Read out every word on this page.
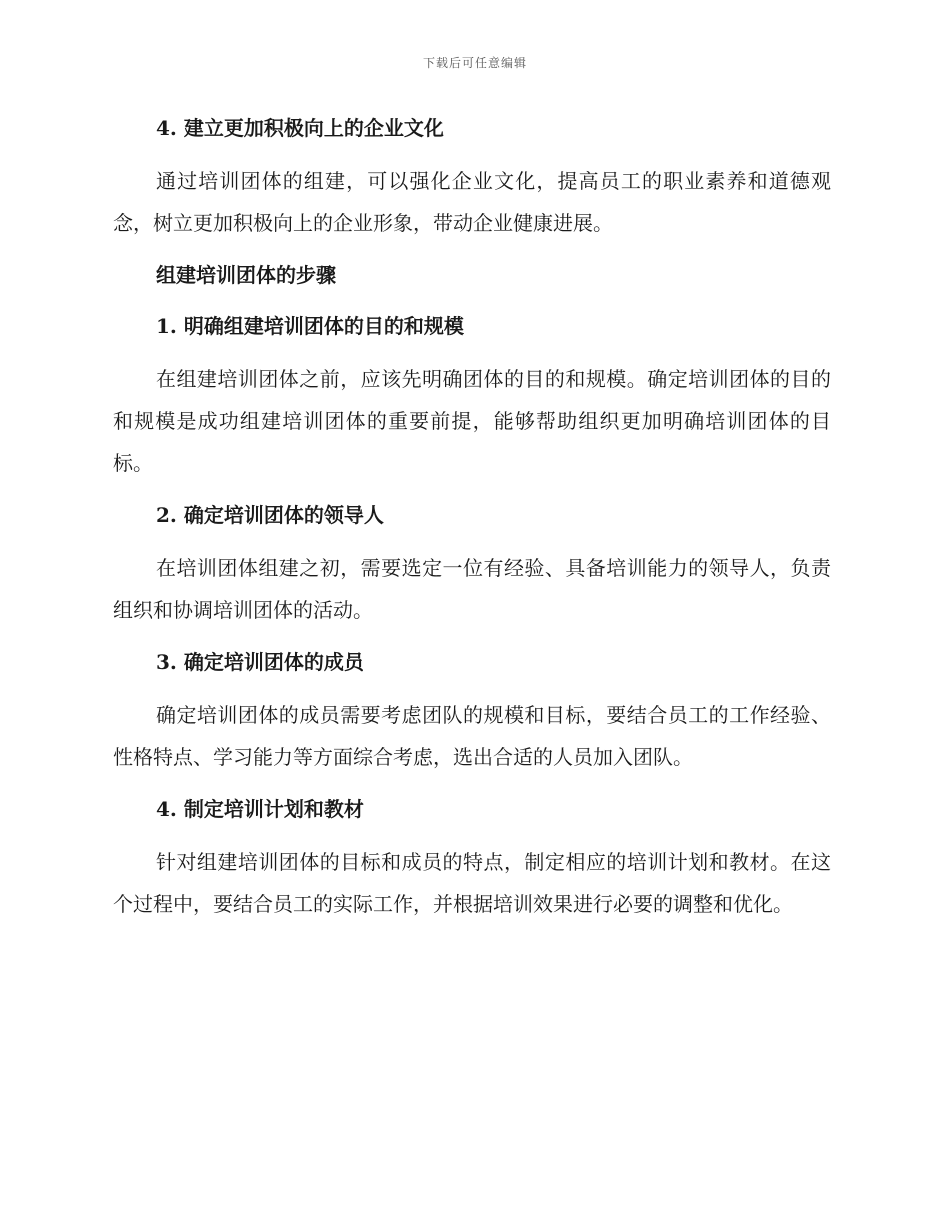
下载后可任意编辑
4. 建立更加积极向上的企业文化

通过培训团体的组建，可以强化企业文化，提高员工的职业素养和道德观念，树立更加积极向上的企业形象，带动企业健康进展。

组建培训团体的步骤
1. 明确组建培训团体的目的和规模

在组建培训团体之前，应该先明确团体的目的和规模。确定培训团体的目的和规模是成功组建培训团体的重要前提，能够帮助组织更加明确培训团体的目标。

2. 确定培训团体的领导人

在培训团体组建之初，需要选定一位有经验、具备培训能力的领导人，负责组织和协调培训团体的活动。

3. 确定培训团体的成员

确定培训团体的成员需要考虑团队的规模和目标，要结合员工的工作经验、性格特点、学习能力等方面综合考虑，选出合适的人员加入团队。

4. 制定培训计划和教材

针对组建培训团体的目标和成员的特点，制定相应的培训计划和教材。在这个过程中，要结合员工的实际工作，并根据培训效果进行必要的调整和优化。
